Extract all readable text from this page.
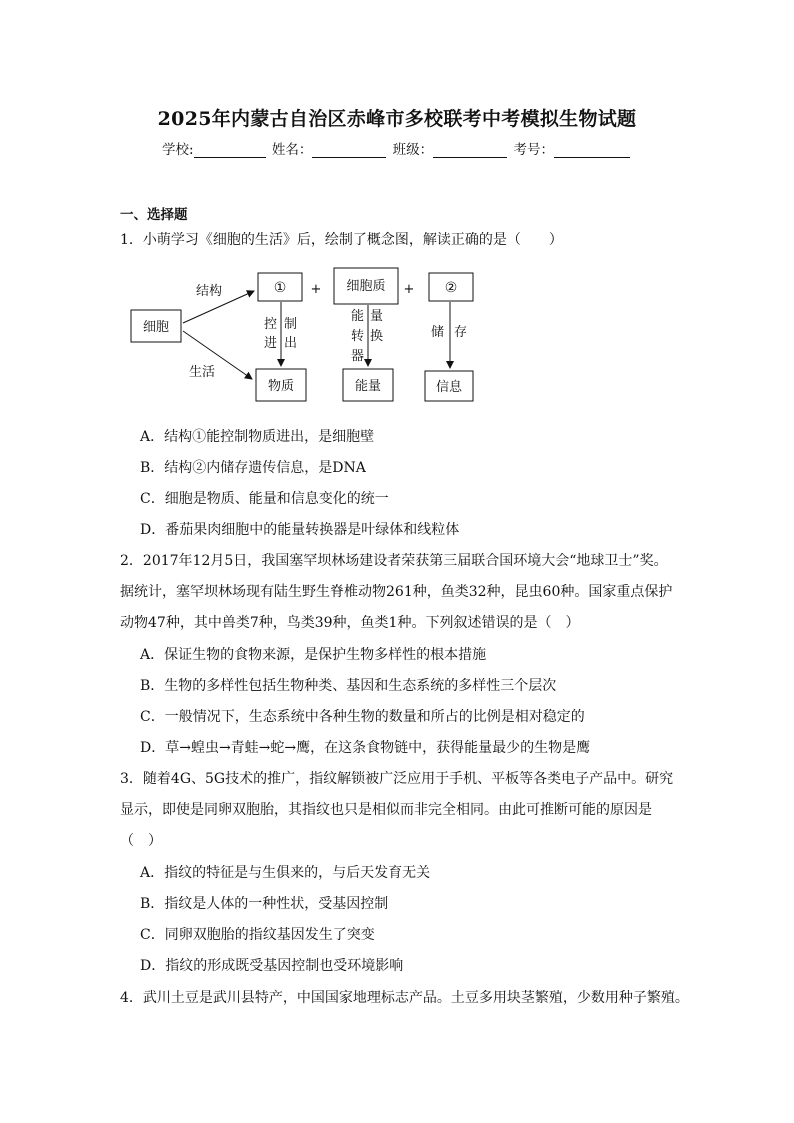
2025年内蒙古自治区赤峰市多校联考中考模拟生物试题
学校:	姓名：	班级：	考号：
一、选择题
1．小萌学习《细胞的生活》后，绘制了概念图，解读正确的是（　　）
细胞
结构
生活
① + 细胞质 + ②
控 制
进 出
能 量
转 换
器
储 存
物质	能量	信息
A．结构①能控制物质进出，是细胞壁
B．结构②内储存遗传信息，是DNA
C．细胞是物质、能量和信息变化的统一
D．番茄果肉细胞中的能量转换器是叶绿体和线粒体
2．2017年12月5日，我国塞罕坝林场建设者荣获第三届联合国环境大会“地球卫士”奖。
据统计，塞罕坝林场现有陆生野生脊椎动物261种，鱼类32种，昆虫60种。国家重点保护
动物47种，其中兽类7种，鸟类39种，鱼类1种。下列叙述错误的是（　）
A．保证生物的食物来源，是保护生物多样性的根本措施
B．生物的多样性包括生物种类、基因和生态系统的多样性三个层次
C．一般情况下，生态系统中各种生物的数量和所占的比例是相对稳定的
D．草→蝗虫→青蛙→蛇→鹰，在这条食物链中，获得能量最少的生物是鹰
3．随着4G、5G技术的推广，指纹解锁被广泛应用于手机、平板等各类电子产品中。研究
显示，即使是同卵双胞胎，其指纹也只是相似而非完全相同。由此可推断可能的原因是
（　）
A．指纹的特征是与生俱来的，与后天发育无关
B．指纹是人体的一种性状，受基因控制
C．同卵双胞胎的指纹基因发生了突变
D．指纹的形成既受基因控制也受环境影响
4．武川土豆是武川县特产，中国国家地理标志产品。土豆多用块茎繁殖，少数用种子繁殖。
